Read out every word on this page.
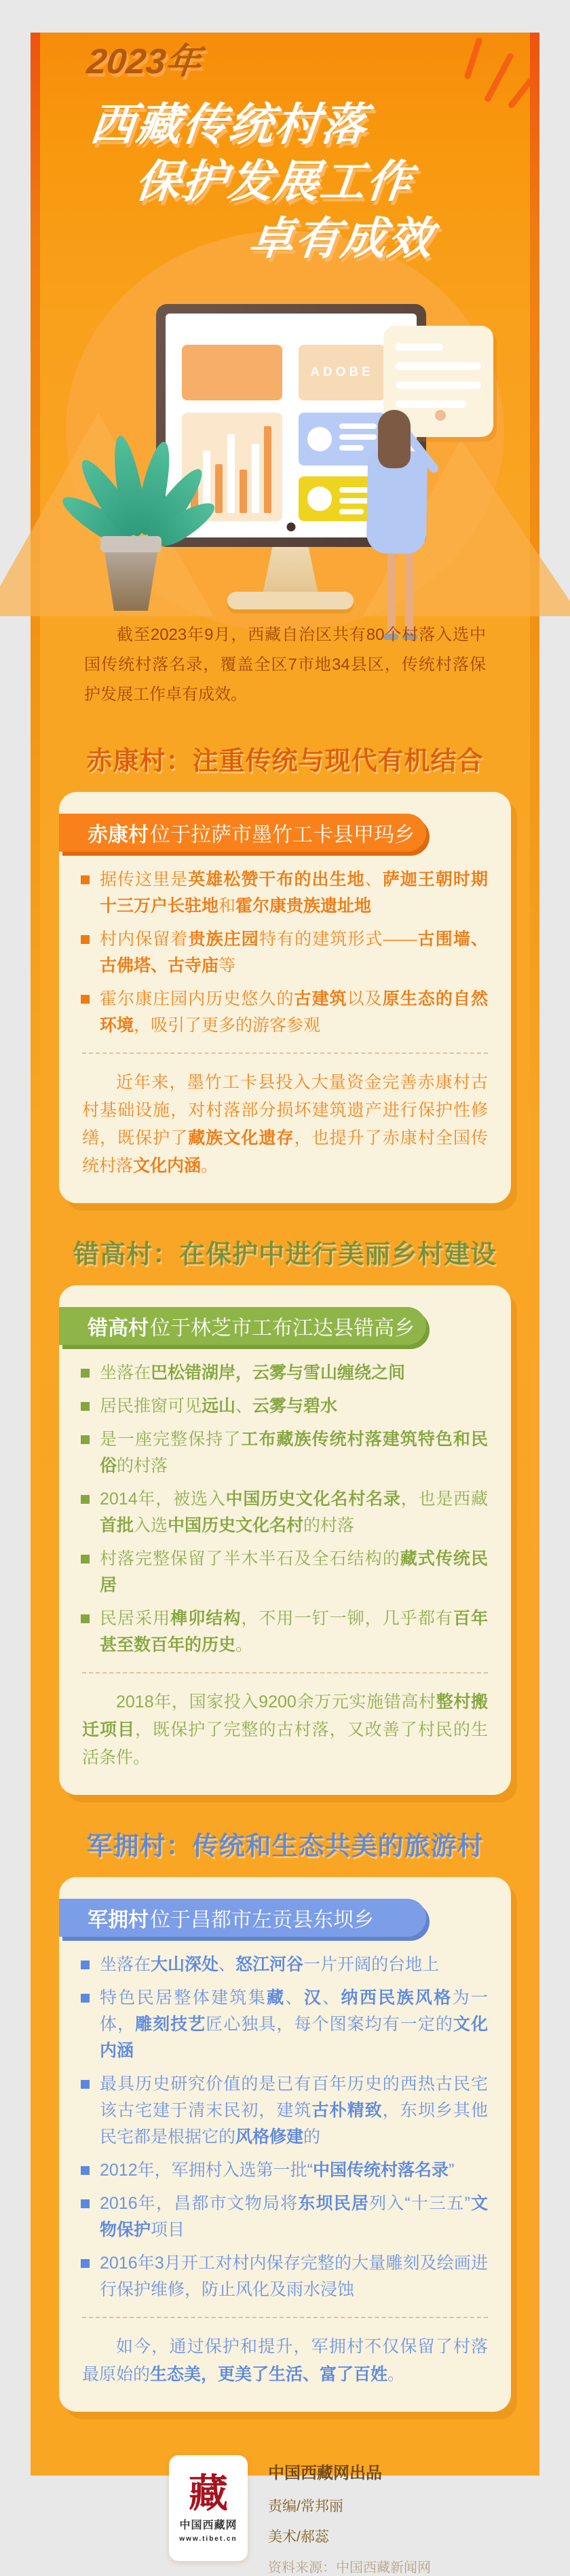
2023年
西藏传统村落
保护发展工作
卓有成效
ADOBE

截至2023年9月，西藏自治区共有80个村落入选中国传统村落名录，覆盖全区7市地34县区，传统村落保护发展工作卓有成效。

赤康村：注重传统与现代有机结合
赤康村 位于拉萨市墨竹工卡县甲玛乡
据传这里是英雄松赞干布的出生地、萨迦王朝时期十三万户长驻地和霍尔康贵族遗址地
村内保留着贵族庄园特有的建筑形式——古围墙、古佛塔、古寺庙等
霍尔康庄园内历史悠久的古建筑以及原生态的自然环境，吸引了更多的游客参观

近年来，墨竹工卡县投入大量资金完善赤康村古村基础设施，对村落部分损坏建筑遗产进行保护性修缮，既保护了藏族文化遗存，也提升了赤康村全国传统村落文化内涵。

错高村：在保护中进行美丽乡村建设
错高村 位于林芝市工布江达县错高乡
坐落在巴松错湖岸，云雾与雪山缠绕之间
居民推窗可见远山、云雾与碧水
是一座完整保持了工布藏族传统村落建筑特色和民俗的村落
2014年，被选入中国历史文化名村名录，也是西藏首批入选中国历史文化名村的村落
村落完整保留了半木半石及全石结构的藏式传统民居
民居采用榫卯结构，不用一钉一铆，几乎都有百年甚至数百年的历史。

2018年，国家投入9200余万元实施错高村整村搬迁项目，既保护了完整的古村落，又改善了村民的生活条件。

军拥村：传统和生态共美的旅游村
军拥村 位于昌都市左贡县东坝乡
坐落在大山深处、怒江河谷一片开阔的台地上
特色民居整体建筑集藏、汉、纳西民族风格为一体，雕刻技艺匠心独具，每个图案均有一定的文化内涵
最具历史研究价值的是已有百年历史的西热古民宅 该古宅建于清末民初，建筑古朴精致，东坝乡其他民宅都是根据它的风格修建的
2012年，军拥村入选第一批“中国传统村落名录”
2016年，昌都市文物局将东坝民居列入“十三五”文物保护项目
2016年3月开工对村内保存完整的大量雕刻及绘画进行保护维修，防止风化及雨水浸蚀

如今，通过保护和提升，军拥村不仅保留了村落最原始的生态美，更美了生活、富了百姓。

藏
中国西藏网
www.tibet.cn
中国西藏网出品
责编/常邦丽
美术/郝蕊
资料来源：中国西藏新闻网
